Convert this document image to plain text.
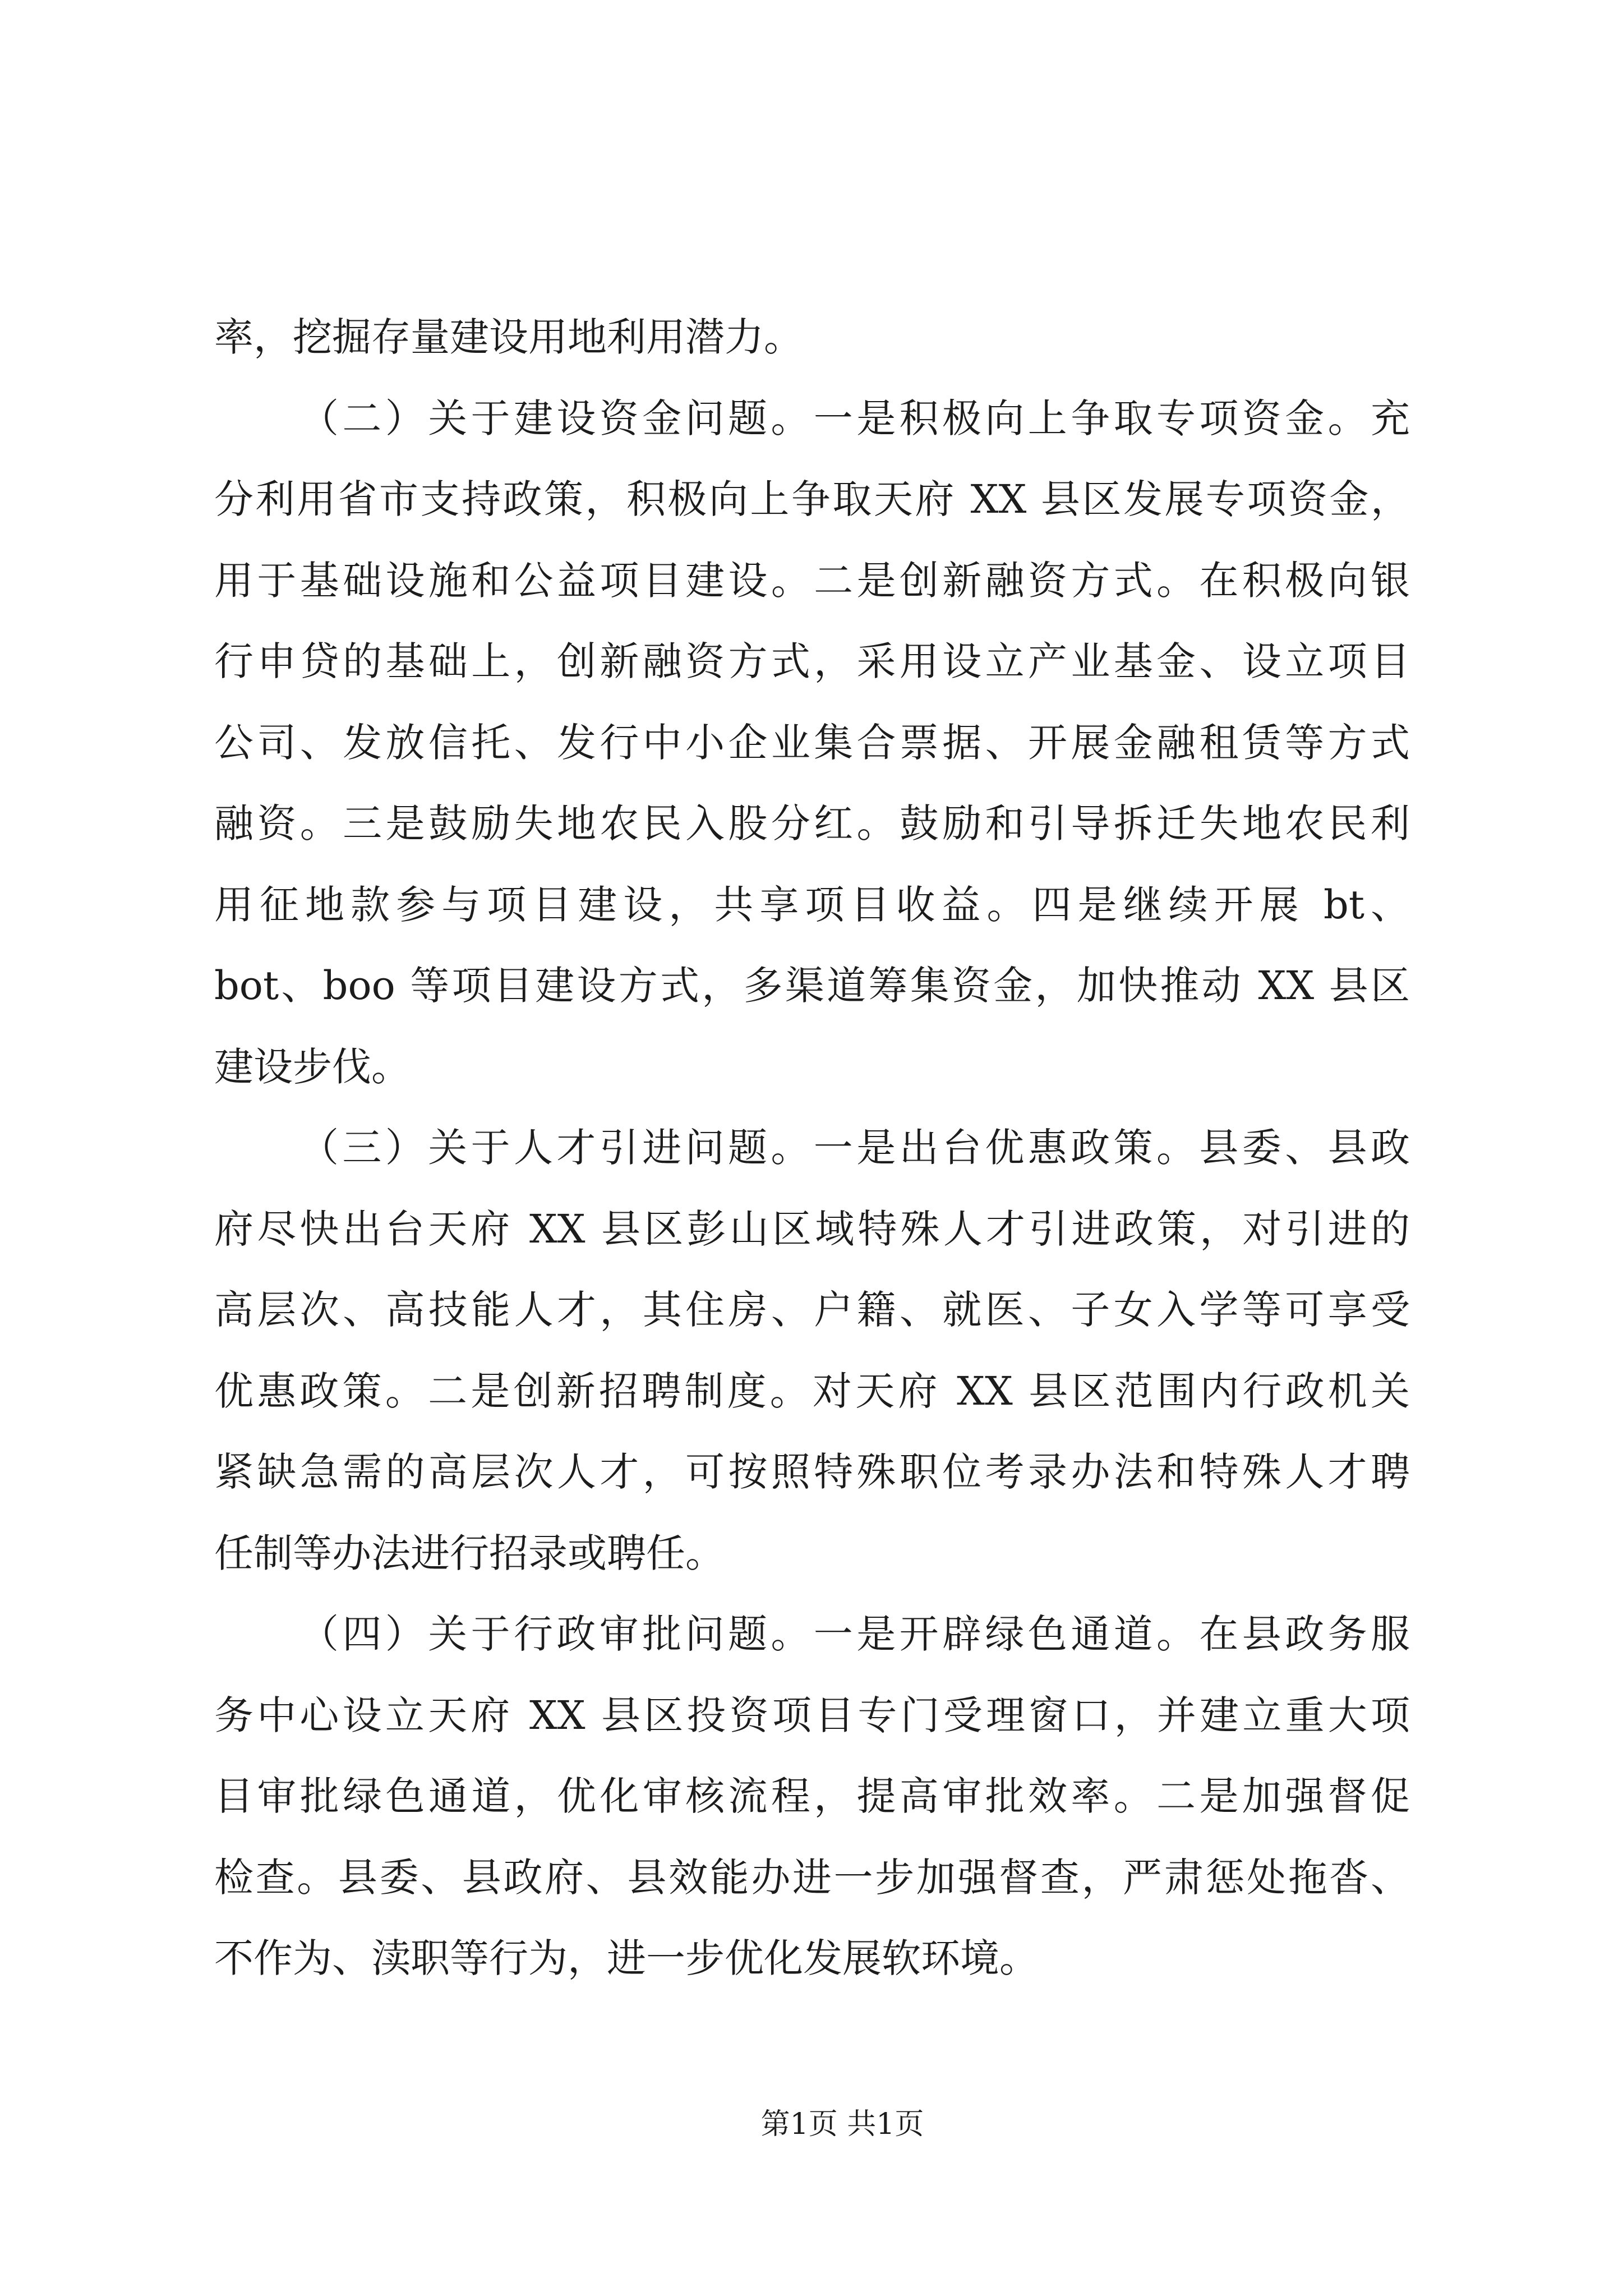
率，挖掘存量建设用地利用潜力。
（二）关于建设资金问题。一是积极向上争取专项资金。充
分利用省市支持政策，积极向上争取天府 XX 县区发展专项资金，
用于基础设施和公益项目建设。二是创新融资方式。在积极向银
行申贷的基础上，创新融资方式，采用设立产业基金、设立项目
公司、发放信托、发行中小企业集合票据、开展金融租赁等方式
融资。三是鼓励失地农民入股分红。鼓励和引导拆迁失地农民利
用征地款参与项目建设，共享项目收益。四是继续开展 bt、
bot、boo 等项目建设方式，多渠道筹集资金，加快推动 XX 县区
建设步伐。
（三）关于人才引进问题。一是出台优惠政策。县委、县政
府尽快出台天府 XX 县区彭山区域特殊人才引进政策，对引进的
高层次、高技能人才，其住房、户籍、就医、子女入学等可享受
优惠政策。二是创新招聘制度。对天府 XX 县区范围内行政机关
紧缺急需的高层次人才，可按照特殊职位考录办法和特殊人才聘
任制等办法进行招录或聘任。
（四）关于行政审批问题。一是开辟绿色通道。在县政务服
务中心设立天府 XX 县区投资项目专门受理窗口，并建立重大项
目审批绿色通道，优化审核流程，提高审批效率。二是加强督促
检查。县委、县政府、县效能办进一步加强督查，严肃惩处拖沓、
不作为、渎职等行为，进一步优化发展软环境。
第1页 共1页
